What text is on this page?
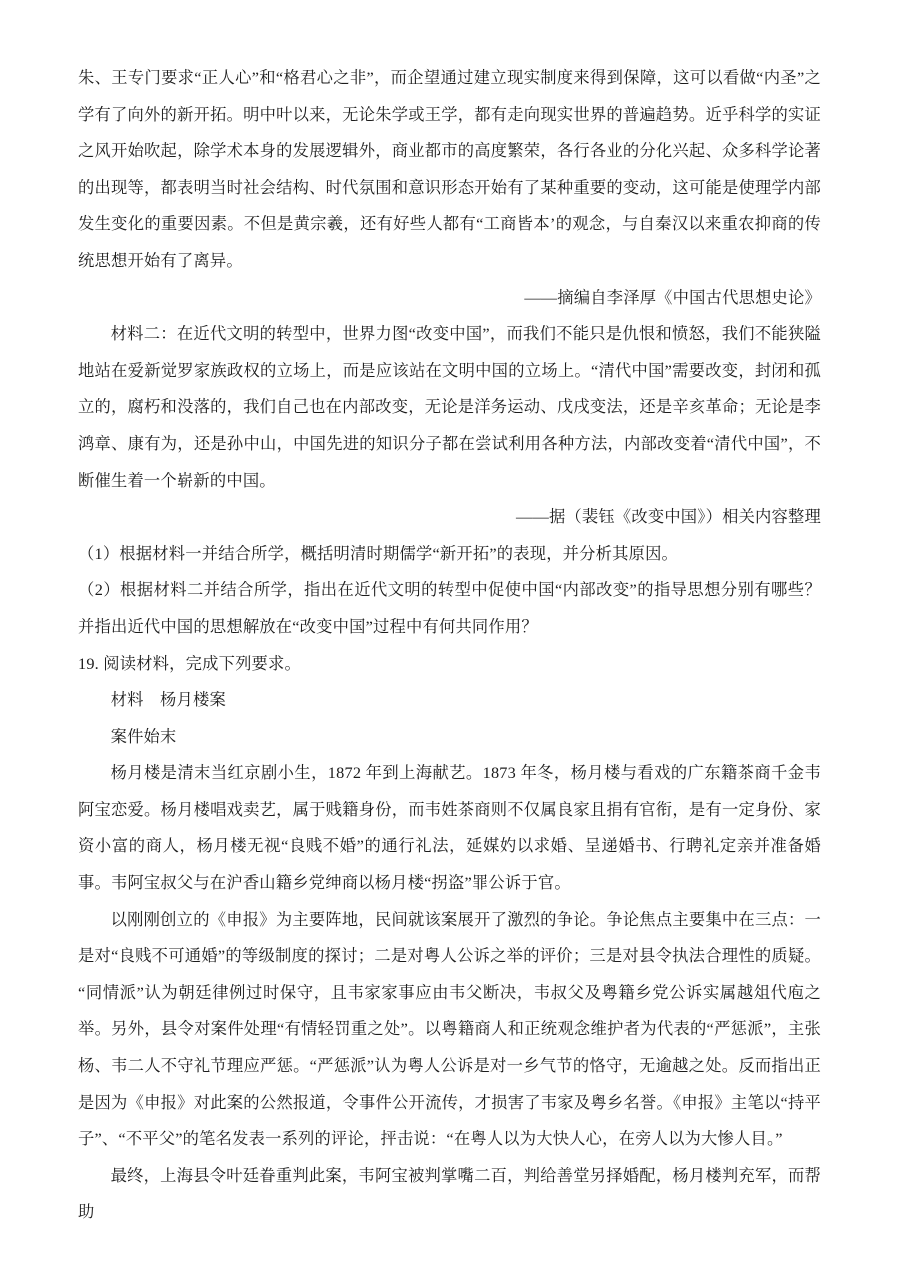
朱、王专门要求“正人心”和“格君心之非”，而企望通过建立现实制度来得到保障，这可以看做“内圣”之学有了向外的新开拓。明中叶以来，无论朱学或王学，都有走向现实世界的普遍趋势。近乎科学的实证之风开始吹起，除学术本身的发展逻辑外，商业都市的高度繁荣，各行各业的分化兴起、众多科学论著的出现等，都表明当时社会结构、时代氛围和意识形态开始有了某种重要的变动，这可能是使理学内部发生变化的重要因素。不但是黄宗羲，还有好些人都有“工商皆本’的观念，与自秦汉以来重农抑商的传统思想开始有了离异。

——摘编自李泽厚《中国古代思想史论》

材料二：在近代文明的转型中，世界力图“改变中国”，而我们不能只是仇恨和愤怒，我们不能狭隘地站在爱新觉罗家族政权的立场上，而是应该站在文明中国的立场上。“清代中国”需要改变，封闭和孤立的，腐朽和没落的，我们自己也在内部改变，无论是洋务运动、戊戌变法，还是辛亥革命；无论是李鸿章、康有为，还是孙中山，中国先进的知识分子都在尝试利用各种方法，内部改变着“清代中国”，不断催生着一个崭新的中国。

——据（裴钰《改变中国》）相关内容整理

（1）根据材料一并结合所学，概括明清时期儒学“新开拓”的表现，并分析其原因。

（2）根据材料二并结合所学，指出在近代文明的转型中促使中国“内部改变”的指导思想分别有哪些？并指出近代中国的思想解放在“改变中国”过程中有何共同作用？

19. 阅读材料，完成下列要求。

材料　杨月楼案

案件始末

杨月楼是清末当红京剧小生，1872 年到上海献艺。1873 年冬，杨月楼与看戏的广东籍茶商千金韦阿宝恋爱。杨月楼唱戏卖艺，属于贱籍身份，而韦姓茶商则不仅属良家且捐有官衔，是有一定身份、家资小富的商人，杨月楼无视“良贱不婚”的通行礼法，延媒妁以求婚、呈递婚书、行聘礼定亲并准备婚事。韦阿宝叔父与在沪香山籍乡党绅商以杨月楼“拐盗”罪公诉于官。

以刚刚创立的《申报》为主要阵地，民间就该案展开了激烈的争论。争论焦点主要集中在三点：一是对“良贱不可通婚”的等级制度的探讨；二是对粤人公诉之举的评价；三是对县令执法合理性的质疑。“同情派”认为朝廷律例过时保守，且韦家家事应由韦父断决，韦叔父及粤籍乡党公诉实属越俎代庖之举。另外，县令对案件处理“有情轻罚重之处”。以粤籍商人和正统观念维护者为代表的“严惩派”，主张杨、韦二人不守礼节理应严惩。“严惩派”认为粤人公诉是对一乡气节的恪守，无逾越之处。反而指出正是因为《申报》对此案的公然报道，令事件公开流传，才损害了韦家及粤乡名誉。《申报》主笔以“持平子”、“不平父”的笔名发表一系列的评论，抨击说：“在粤人以为大快人心，在旁人以为大惨人目。”

最终，上海县令叶廷眷重判此案，韦阿宝被判掌嘴二百，判给善堂另择婚配，杨月楼判充军，而帮助
